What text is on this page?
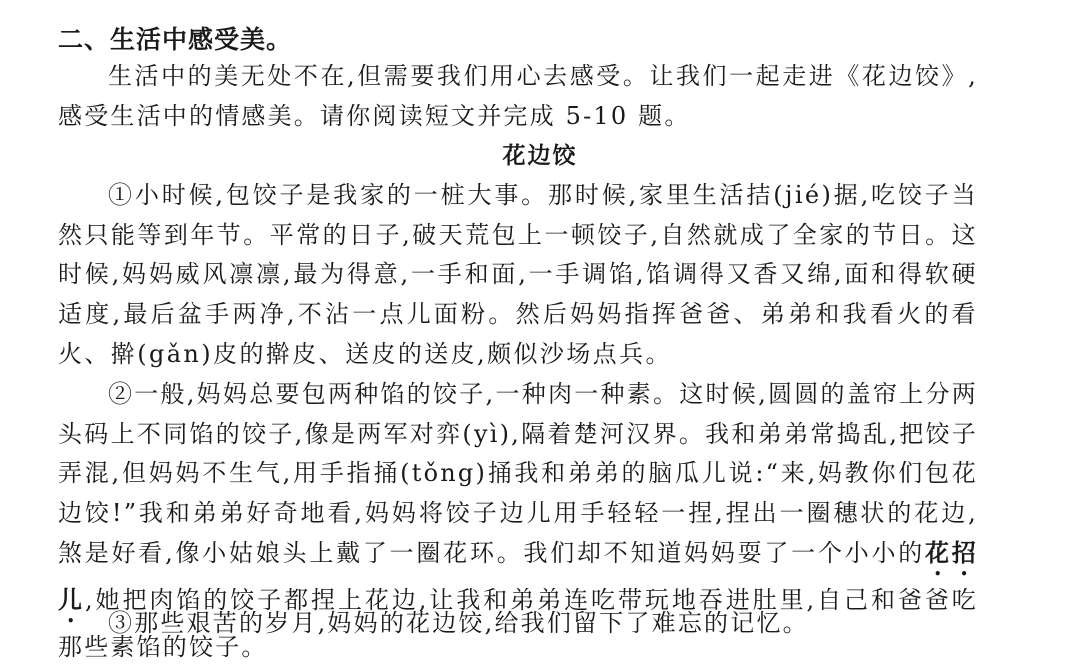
二、生活中感受美。

生活中的美无处不在,但需要我们用心去感受。让我们一起走进《花边饺》,感受生活中的情感美。请你阅读短文并完成 5-10 题。

花边饺

①小时候,包饺子是我家的一桩大事。那时候,家里生活拮(jié)据,吃饺子当然只能等到年节。平常的日子,破天荒包上一顿饺子,自然就成了全家的节日。这时候,妈妈威风凛凛,最为得意,一手和面,一手调馅,馅调得又香又绵,面和得软硬适度,最后盆手两净,不沾一点儿面粉。然后妈妈指挥爸爸、弟弟和我看火的看火、擀(gǎn)皮的擀皮、送皮的送皮,颇似沙场点兵。

②一般,妈妈总要包两种馅的饺子,一种肉一种素。这时候,圆圆的盖帘上分两头码上不同馅的饺子,像是两军对弈(yì),隔着楚河汉界。我和弟弟常捣乱,把饺子弄混,但妈妈不生气,用手指捅(tǒng)捅我和弟弟的脑瓜儿说:“来,妈教你们包花边饺!”我和弟弟好奇地看,妈妈将饺子边儿用手轻轻一捏,捏出一圈穗状的花边,煞是好看,像小姑娘头上戴了一圈花环。我们却不知道妈妈耍了一个小小的花招儿,她把肉馅的饺子都捏上花边,让我和弟弟连吃带玩地吞进肚里,自己和爸爸吃那些素馅的饺子。

③那些艰苦的岁月,妈妈的花边饺,给我们留下了难忘的记忆。
